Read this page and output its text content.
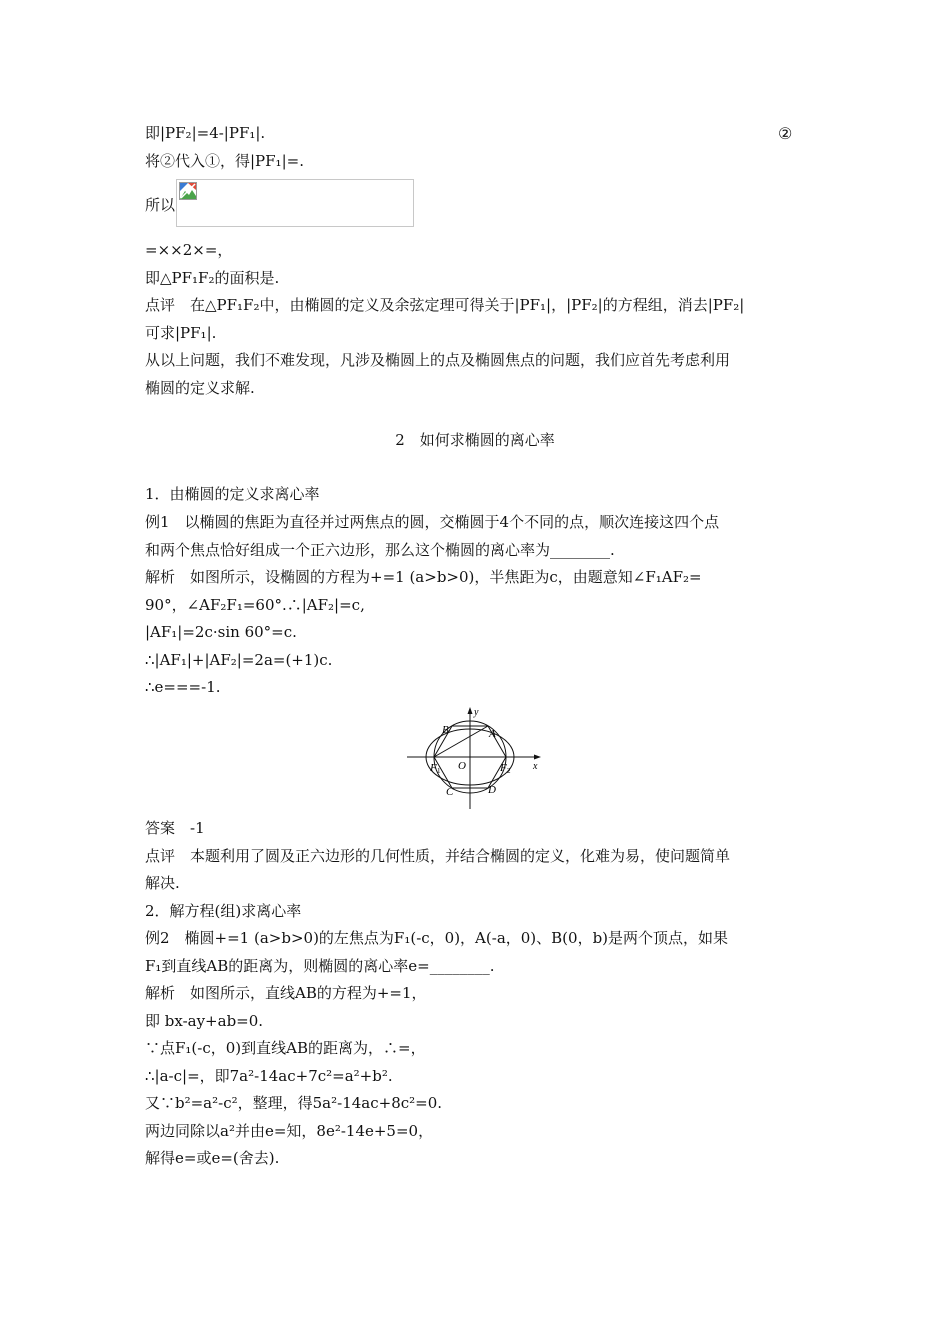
即|PF₂|=4-|PF₁|.	②
将②代入①，得|PF₁|=.
所以
=××2×=，
即△PF₁F₂的面积是.
点评　在△PF₁F₂中，由椭圆的定义及余弦定理可得关于|PF₁|，|PF₂|的方程组，消去|PF₂|
可求|PF₁|.
从以上问题，我们不难发现，凡涉及椭圆上的点及椭圆焦点的问题，我们应首先考虑利用
椭圆的定义求解.
2　如何求椭圆的离心率
1．由椭圆的定义求离心率
例1　以椭圆的焦距为直径并过两焦点的圆，交椭圆于4个不同的点，顺次连接这四个点
和两个焦点恰好组成一个正六边形，那么这个椭圆的离心率为________.
解析　如图所示，设椭圆的方程为+=1 (a>b>0)，半焦距为c，由题意知∠F₁AF₂=
90°，∠AF₂F₁=60°.∴|AF₂|=c,
|AF₁|=2c·sin 60°=c.
∴|AF₁|+|AF₂|=2a=(+1)c.
∴e===-1.
y
x
B	A
F 1 O	F 2
C	D
答案　-1
点评　本题利用了圆及正六边形的几何性质，并结合椭圆的定义，化难为易，使问题简单
解决.
2．解方程(组)求离心率
例2　椭圆+=1 (a>b>0)的左焦点为F₁(-c，0)，A(-a，0)、B(0，b)是两个顶点，如果
F₁到直线AB的距离为，则椭圆的离心率e=________.
解析　如图所示，直线AB的方程为+=1，
即 bx-ay+ab=0.
∵点F₁(-c，0)到直线AB的距离为，∴=，
∴|a-c|=，即7a²-14ac+7c²=a²+b².
又∵b²=a²-c²，整理，得5a²-14ac+8c²=0.
两边同除以a²并由e=知，8e²-14e+5=0，
解得e=或e=(舍去).
